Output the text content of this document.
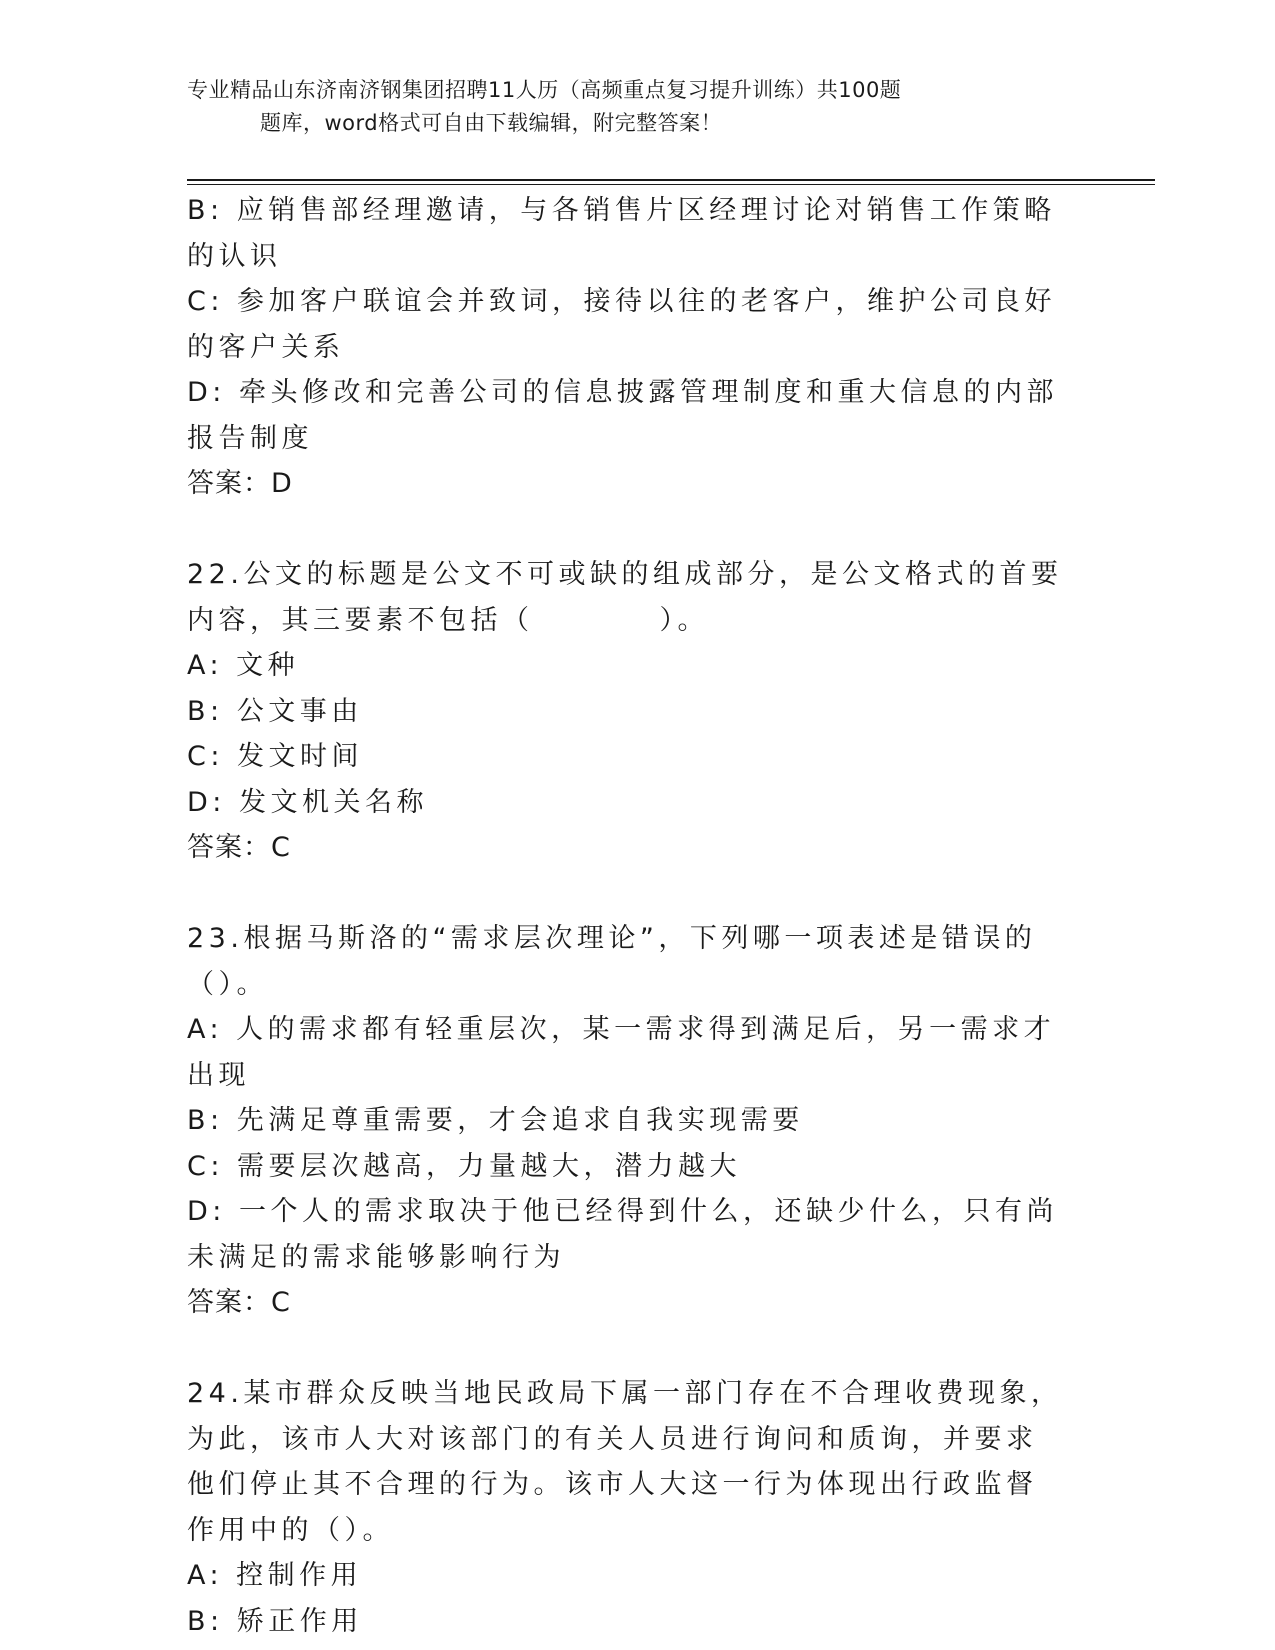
专业精品山东济南济钢集团招聘11人历（高频重点复习提升训练）共100题
题库，word格式可自由下载编辑，附完整答案！

B: 应销售部经理邀请，与各销售片区经理讨论对销售工作策略的认识

C: 参加客户联谊会并致词，接待以往的老客户，维护公司良好的客户关系

D: 牵头修改和完善公司的信息披露管理制度和重大信息的内部报告制度

答案：D

22.公文的标题是公文不可或缺的组成部分，是公文格式的首要内容，其三要素不包括（　　　　）。

A: 文种

B: 公文事由

C: 发文时间

D: 发文机关名称

答案：C

23.根据马斯洛的“需求层次理论”，下列哪一项表述是错误的（）。

A: 人的需求都有轻重层次，某一需求得到满足后，另一需求才出现

B: 先满足尊重需要，才会追求自我实现需要

C: 需要层次越高，力量越大，潜力越大

D: 一个人的需求取决于他已经得到什么，还缺少什么，只有尚未满足的需求能够影响行为

答案：C

24.某市群众反映当地民政局下属一部门存在不合理收费现象，为此，该市人大对该部门的有关人员进行询问和质询，并要求他们停止其不合理的行为。该市人大这一行为体现出行政监督作用中的（）。

A: 控制作用

B: 矫正作用
